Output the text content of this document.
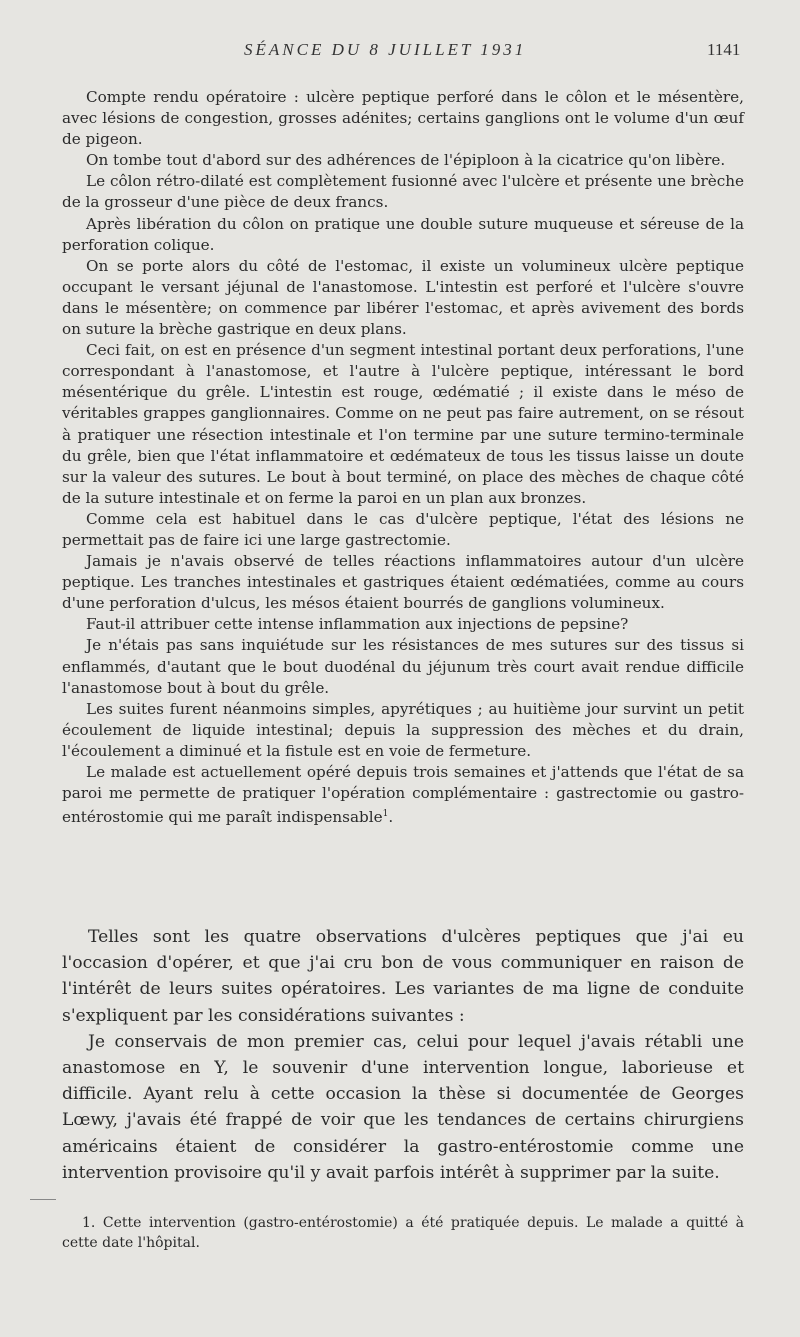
SÉANCE DU 8 JUILLET 1931	1141

Compte rendu opératoire : ulcère peptique perforé dans le côlon et le mésentère, avec lésions de congestion, grosses adénites; certains ganglions ont le volume d'un œuf de pigeon.

On tombe tout d'abord sur des adhérences de l'épiploon à la cicatrice qu'on libère.

Le côlon rétro-dilaté est complètement fusionné avec l'ulcère et présente une brèche de la grosseur d'une pièce de deux francs.

Après libération du côlon on pratique une double suture muqueuse et séreuse de la perforation colique.

On se porte alors du côté de l'estomac, il existe un volumineux ulcère peptique occupant le versant jéjunal de l'anastomose. L'intestin est perforé et l'ulcère s'ouvre dans le mésentère; on commence par libérer l'estomac, et après avivement des bords on suture la brèche gastrique en deux plans.

Ceci fait, on est en présence d'un segment intestinal portant deux perforations, l'une correspondant à l'anastomose, et l'autre à l'ulcère peptique, intéressant le bord mésentérique du grêle. L'intestin est rouge, œdématié ; il existe dans le méso de véritables grappes ganglionnaires. Comme on ne peut pas faire autrement, on se résout à pratiquer une résection intestinale et l'on termine par une suture termino-terminale du grêle, bien que l'état inflammatoire et œdémateux de tous les tissus laisse un doute sur la valeur des sutures. Le bout à bout terminé, on place des mèches de chaque côté de la suture intestinale et on ferme la paroi en un plan aux bronzes.

Comme cela est habituel dans le cas d'ulcère peptique, l'état des lésions ne permettait pas de faire ici une large gastrectomie.

Jamais je n'avais observé de telles réactions inflammatoires autour d'un ulcère peptique. Les tranches intestinales et gastriques étaient œdématiées, comme au cours d'une perforation d'ulcus, les mésos étaient bourrés de ganglions volumineux.

Faut-il attribuer cette intense inflammation aux injections de pepsine?

Je n'étais pas sans inquiétude sur les résistances de mes sutures sur des tissus si enflammés, d'autant que le bout duodénal du jéjunum très court avait rendue difficile l'anastomose bout à bout du grêle.

Les suites furent néanmoins simples, apyrétiques ; au huitième jour survint un petit écoulement de liquide intestinal; depuis la suppression des mèches et du drain, l'écoulement a diminué et la fistule est en voie de fermeture.

Le malade est actuellement opéré depuis trois semaines et j'attends que l'état de sa paroi me permette de pratiquer l'opération complémentaire : gastrectomie ou gastro-entérostomie qui me paraît indispensable$^1$.

Telles sont les quatre observations d'ulcères peptiques que j'ai eu l'occasion d'opérer, et que j'ai cru bon de vous communiquer en raison de l'intérêt de leurs suites opératoires. Les variantes de ma ligne de conduite s'expliquent par les considérations suivantes :

Je conservais de mon premier cas, celui pour lequel j'avais rétabli une anastomose en Y, le souvenir d'une intervention longue, laborieuse et difficile. Ayant relu à cette occasion la thèse si documentée de Georges Lœwy, j'avais été frappé de voir que les tendances de certains chirurgiens américains étaient de considérer la gastro-entérostomie comme une intervention provisoire qu'il y avait parfois intérêt à supprimer par la suite.

1. Cette intervention (gastro-entérostomie) a été pratiquée depuis. Le malade a quitté à cette date l'hôpital.
